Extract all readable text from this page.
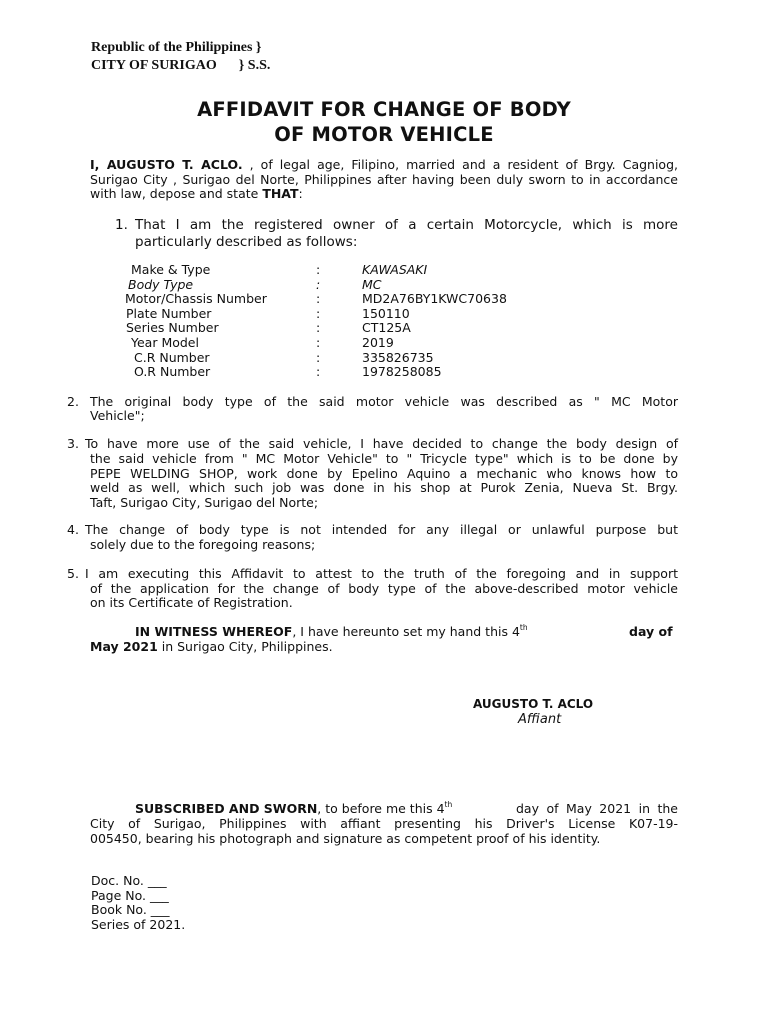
Republic of the Philippines }
CITY OF SURIGAO } S.S.
AFFIDAVIT FOR CHANGE OF BODY
OF MOTOR VEHICLE

I, AUGUSTO T. ACLO. , of legal age, Filipino, married and a resident of Brgy. Cagniog, Surigao City , Surigao del Norte, Philippines after having been duly sworn to in accordance with law, depose and state THAT:

1. That I am the registered owner of a certain Motorcycle, which is more
particularly described as follows:
Make & Type	:	KAWASAKI
Body Type	:	MC
Motor/Chassis Number	:	MD2A76BY1KWC70638
Plate Number	:	150110
Series Number	:	CT125A
Year Model	:	2019
C.R Number	:	335826735
O.R Number	:	1978258085
2. The original body type of the said motor vehicle was described as " MC Motor
Vehicle";
3. To have more use of the said vehicle, I have decided to change the body design of
the said vehicle from " MC Motor Vehicle" to " Tricycle type" which is to be done by
PEPE WELDING SHOP, work done by Epelino Aquino a mechanic who knows how to
weld as well, which such job was done in his shop at Purok Zenia, Nueva St. Brgy.
Taft, Surigao City, Surigao del Norte;
4. The change of body type is not intended for any illegal or unlawful purpose but
solely due to the foregoing reasons;
5. I am executing this Affidavit to attest to the truth of the foregoing and in support
of the application for the change of body type of the above-described motor vehicle
on its Certificate of Registration.
IN WITNESS WHEREOF, I have hereunto set my hand this 4th	day of
May 2021 in Surigao City, Philippines.
AUGUSTO T. ACLO
Affiant
SUBSCRIBED AND SWORN, to before me this 4th	day of May 2021 in the
City of Surigao, Philippines with affiant presenting his Driver's License K07-19-
005450, bearing his photograph and signature as competent proof of his identity.
Doc. No. ___
Page No. ___
Book No. ___
Series of 2021.
